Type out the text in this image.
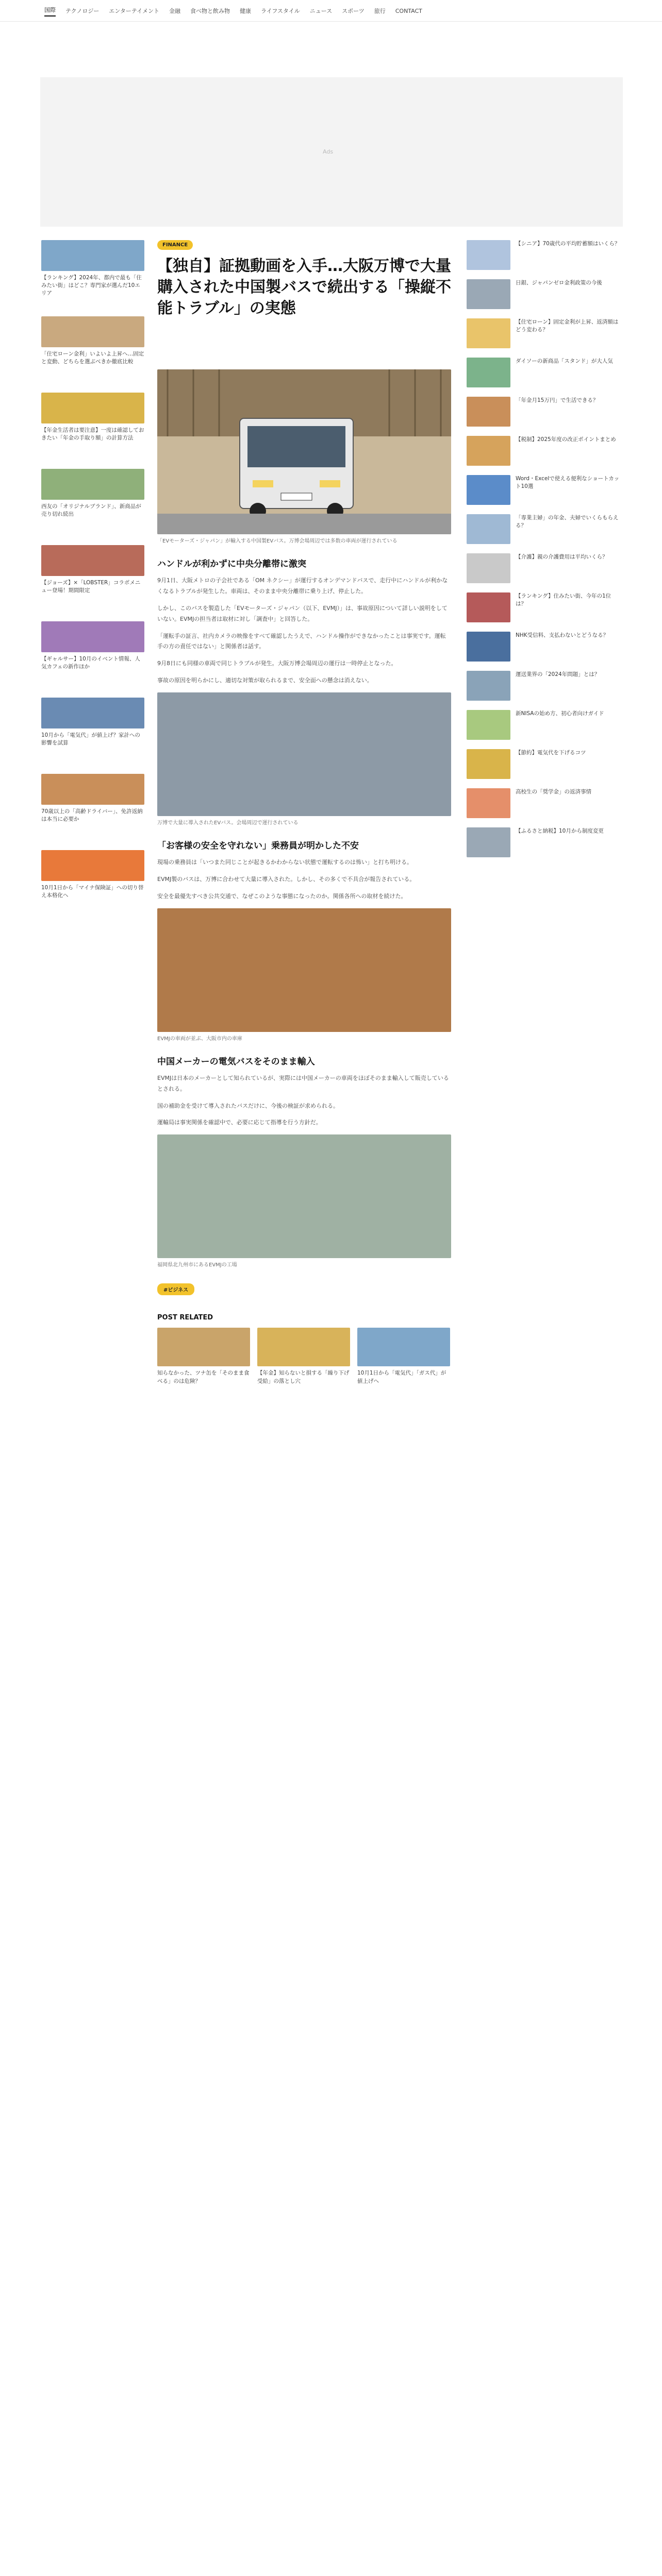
国際 テクノロジー エンターテイメント 金融 食べ物と飲み物 健康 ライフスタイル ニュース スポーツ 旅行 CONTACT
Ads
【ランキング】2024年、都内で最も「住みたい街」はどこ？専門家が選んだ10エリア
「住宅ローン金利」いよいよ上昇へ…固定と変動、どちらを選ぶべきか徹底比較
【年金生活者は要注意】一度は確認しておきたい「年金の手取り額」の計算方法
西友の「オリジナルブランド」、新商品が売り切れ続出
【ジョーズ】×「LOBSTER」コラボメニュー登場！期間限定
【ギャルサー】10月のイベント情報、人気カフェの新作ほか
10月から「電気代」が値上げ？家計への影響を試算
70歳以上の「高齢ドライバー」、免許返納は本当に必要か
10月1日から「マイナ保険証」への切り替え本格化へ
FINANCE
【独自】証拠動画を入手…大阪万博で大量購入された中国製バスで続出する「操縦不能トラブル」の実態

「EVモーターズ・ジャパン」が輸入する中国製EVバス。万博会場周辺では多数の車両が運行されている

ハンドルが利かずに中央分離帯に激突

9月1日、大阪メトロの子会社である「OM ネクシー」が運行するオンデマンドバスで、走行中にハンドルが利かなくなるトラブルが発生した。車両は、そのまま中央分離帯に乗り上げ、停止した。

しかし、このバスを製造した「EVモーターズ・ジャパン（以下、EVMJ）」は、事故原因について詳しい説明をしていない。EVMJの担当者は取材に対し「調査中」と回答した。

「運転手の証言、社内カメラの映像をすべて確認したうえで、ハンドル操作ができなかったことは事実です。運転手の方の責任ではない」と関係者は話す。

9月8日にも同様の車両で同じトラブルが発生。大阪万博会場周辺の運行は一時停止となった。

事故の原因を明らかにし、適切な対策が取られるまで、安全面への懸念は消えない。

万博で大量に導入されたEVバス。会場周辺で運行されている

「お客様の安全を守れない」乗務員が明かした不安

現場の乗務員は「いつまた同じことが起きるかわからない状態で運転するのは怖い」と打ち明ける。

EVMJ製のバスは、万博に合わせて大量に導入された。しかし、その多くで不具合が報告されている。

安全を最優先すべき公共交通で、なぜこのような事態になったのか。関係各所への取材を続けた。

EVMJの車両が並ぶ、大阪市内の車庫

中国メーカーの電気バスをそのまま輸入

EVMJは日本のメーカーとして知られているが、実際には中国メーカーの車両をほぼそのまま輸入して販売しているとされる。

国の補助金を受けて導入されたバスだけに、今後の検証が求められる。

運輸局は事実関係を確認中で、必要に応じて指導を行う方針だ。

福岡県北九州市にあるEVMJの工場

#ビジネス
POST RELATED
知らなかった、ツナ缶を「そのまま食べる」のは危険？
【年金】知らないと損する「繰り下げ受給」の落とし穴
10月1日から「電気代」「ガス代」が値上げへ
【シニア】70歳代の平均貯蓄額はいくら？
日銀、ジャパンゼロ金利政策の今後
【住宅ローン】固定金利が上昇、返済額はどう変わる？
ダイソーの新商品「スタンド」が大人気
「年金月15万円」で生活できる？
【税制】2025年度の改正ポイントまとめ
Word・Excelで使える便利なショートカット10選
「専業主婦」の年金、夫婦でいくらもらえる？
【介護】親の介護費用は平均いくら？
【ランキング】住みたい街、今年の1位は？
NHK受信料、支払わないとどうなる？
運送業界の「2024年問題」とは？
新NISAの始め方、初心者向けガイド
【節約】電気代を下げるコツ
高校生の「奨学金」の返済事情
【ふるさと納税】10月から制度変更
